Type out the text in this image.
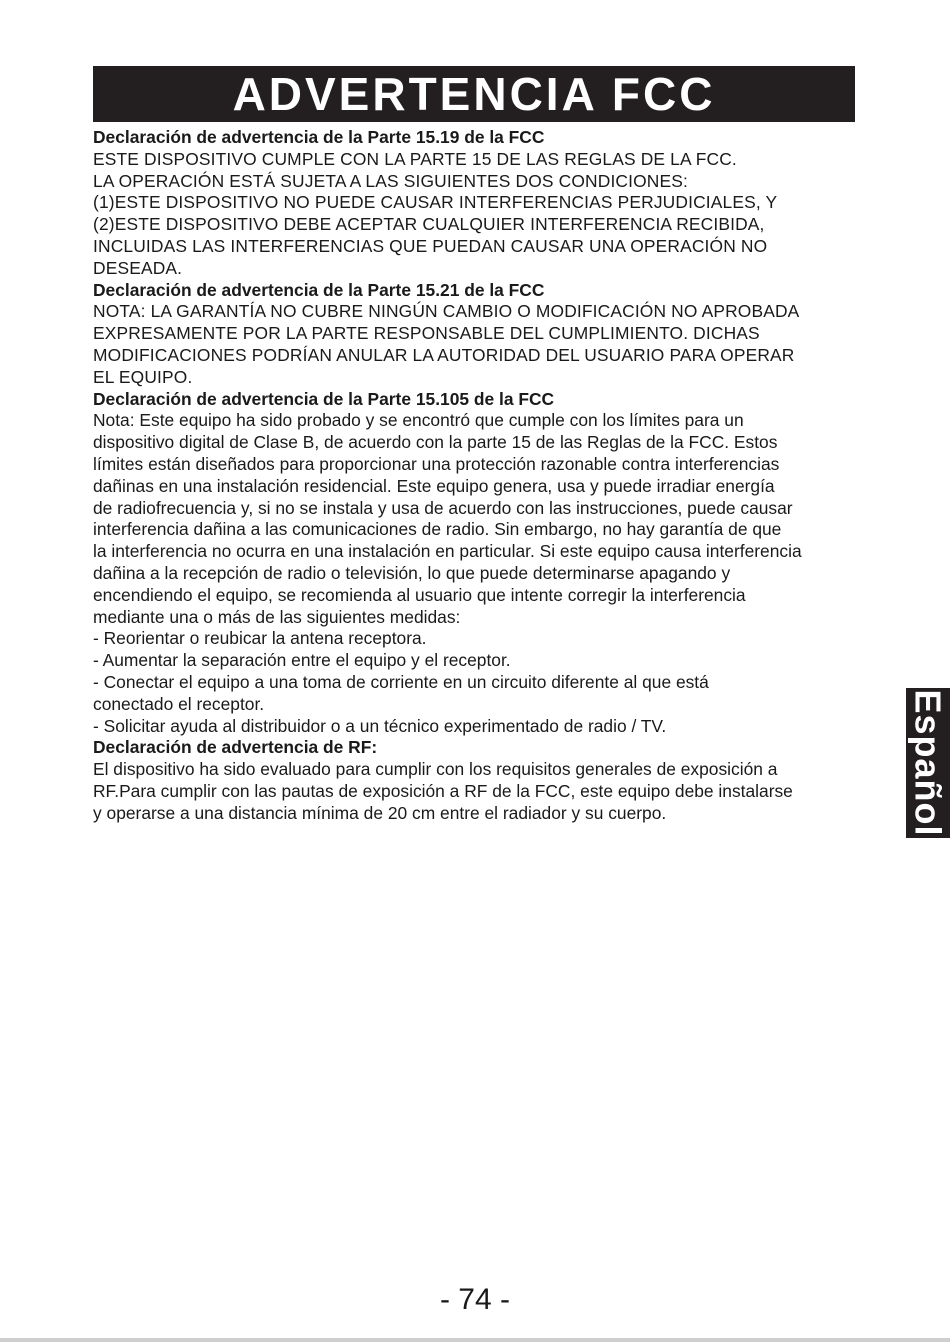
ADVERTENCIA FCC
Declaración de advertencia de la Parte 15.19 de la FCC

ESTE DISPOSITIVO CUMPLE CON LA PARTE 15 DE LAS REGLAS DE LA FCC.

LA OPERACIÓN ESTÁ SUJETA A LAS SIGUIENTES DOS CONDICIONES:

(1)ESTE DISPOSITIVO NO PUEDE CAUSAR INTERFERENCIAS PERJUDICIALES, Y

(2)ESTE DISPOSITIVO DEBE ACEPTAR CUALQUIER INTERFERENCIA RECIBIDA,

INCLUIDAS LAS INTERFERENCIAS QUE PUEDAN CAUSAR UNA OPERACIÓN NO

DESEADA.

Declaración de advertencia de la Parte 15.21 de la FCC

NOTA: LA GARANTÍA NO CUBRE NINGÚN CAMBIO O MODIFICACIÓN NO APROBADA

EXPRESAMENTE POR LA PARTE RESPONSABLE DEL CUMPLIMIENTO. DICHAS

MODIFICACIONES PODRÍAN ANULAR LA AUTORIDAD DEL USUARIO PARA OPERAR

EL EQUIPO.

Declaración de advertencia de la Parte 15.105 de la FCC

Nota: Este equipo ha sido probado y se encontró que cumple con los límites para un

dispositivo digital de Clase B, de acuerdo con la parte 15 de las Reglas de la FCC. Estos

límites están diseñados para proporcionar una protección razonable contra interferencias

dañinas en una instalación residencial. Este equipo genera, usa y puede irradiar energía

de radiofrecuencia y, si no se instala y usa de acuerdo con las instrucciones, puede causar

interferencia dañina a las comunicaciones de radio. Sin embargo, no hay garantía de que

la interferencia no ocurra en una instalación en particular. Si este equipo causa interferencia

dañina a la recepción de radio o televisión, lo que puede determinarse apagando y

encendiendo el equipo, se recomienda al usuario que intente corregir la interferencia

mediante una o más de las siguientes medidas:

- Reorientar o reubicar la antena receptora.

- Aumentar la separación entre el equipo y el receptor.

- Conectar el equipo a una toma de corriente en un circuito diferente al que está

conectado el receptor.

- Solicitar ayuda al distribuidor o a un técnico experimentado de radio / TV.

Declaración de advertencia de RF:

El dispositivo ha sido evaluado para cumplir con los requisitos generales de exposición a

RF.Para cumplir con las pautas de exposición a RF de la FCC, este equipo debe instalarse

y operarse a una distancia mínima de 20 cm entre el radiador y su cuerpo.	Español
- 74 -
